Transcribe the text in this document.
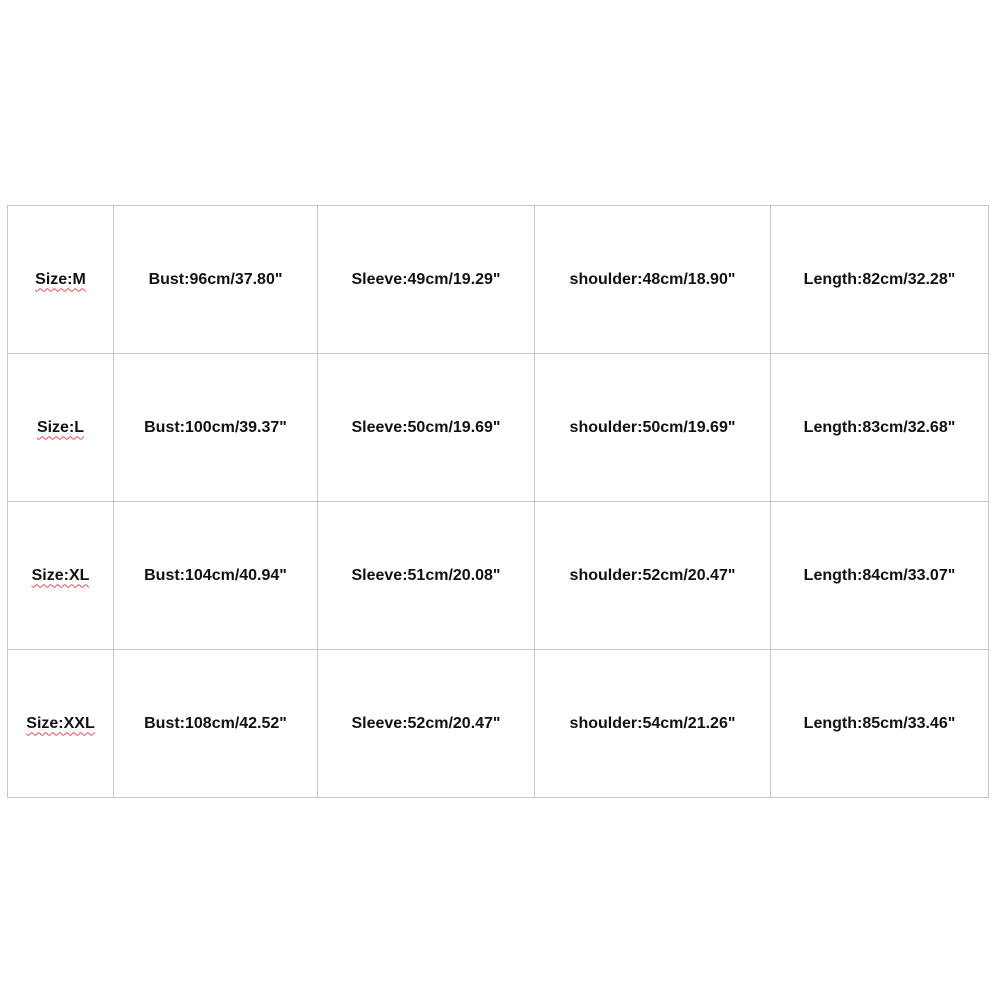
Size:M	Bust:96cm/37.80"	Sleeve:49cm/19.29"	shoulder:48cm/18.90"	Length:82cm/32.28"
Size:L	Bust:100cm/39.37"	Sleeve:50cm/19.69"	shoulder:50cm/19.69"	Length:83cm/32.68"
Size:XL	Bust:104cm/40.94"	Sleeve:51cm/20.08"	shoulder:52cm/20.47"	Length:84cm/33.07"
Size:XXL	Bust:108cm/42.52"	Sleeve:52cm/20.47"	shoulder:54cm/21.26"	Length:85cm/33.46"
